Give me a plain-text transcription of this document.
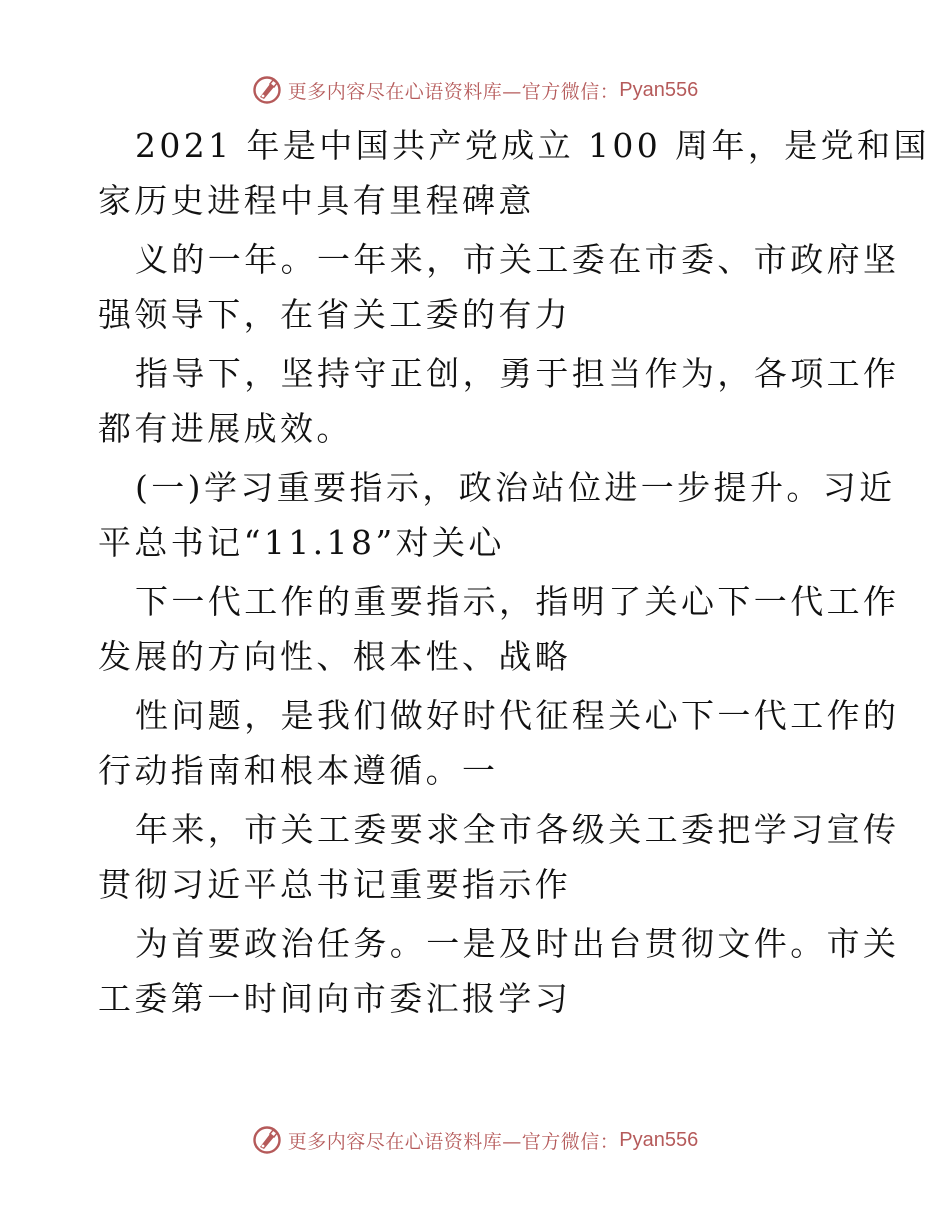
更多内容尽在心语资料库—官方微信： Pyan556

2021 年是中国共产党成立 100 周年，是党和国
家历史进程中具有里程碑意

义的一年。一年来，市关工委在市委、市政府坚
强领导下，在省关工委的有力

指导下，坚持守正创，勇于担当作为，各项工作
都有进展成效。

(一)学习重要指示，政治站位进一步提升。习近
平总书记“11.18”对关心

下一代工作的重要指示，指明了关心下一代工作
发展的方向性、根本性、战略

性问题，是我们做好时代征程关心下一代工作的
行动指南和根本遵循。一

年来，市关工委要求全市各级关工委把学习宣传
贯彻习近平总书记重要指示作

为首要政治任务。一是及时出台贯彻文件。市关
工委第一时间向市委汇报学习

更多内容尽在心语资料库—官方微信： Pyan556
